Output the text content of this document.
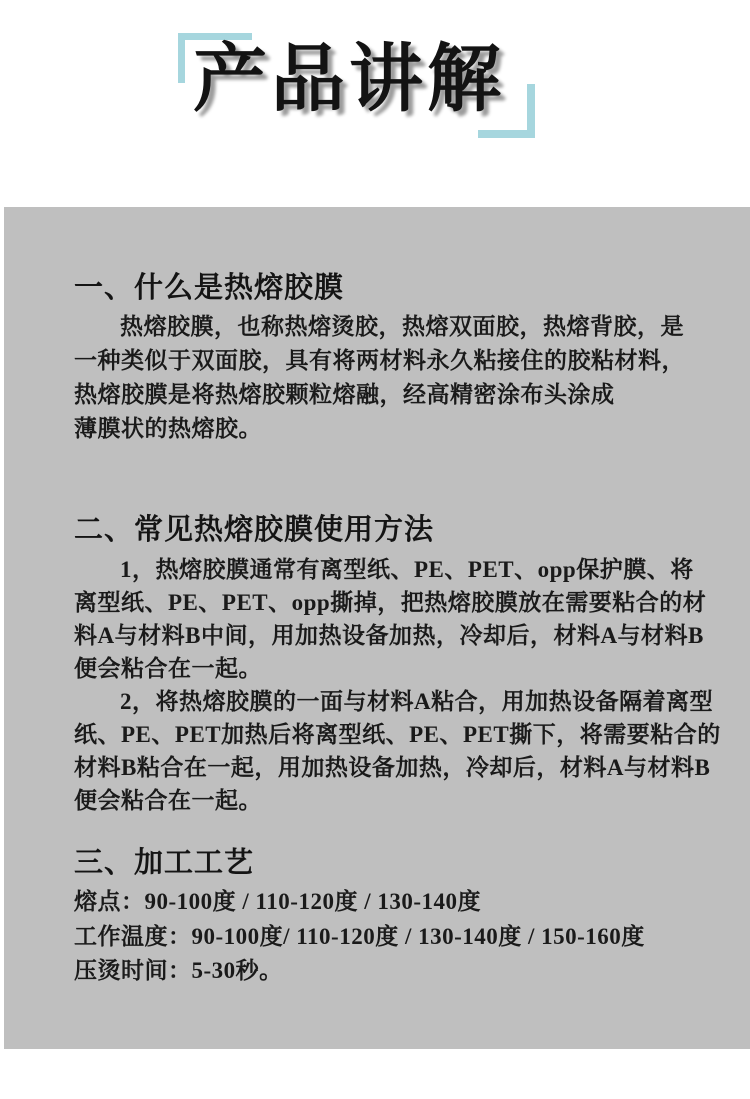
产品讲解
一、什么是热熔胶膜
热熔胶膜，也称热熔烫胶，热熔双面胶，热熔背胶，是
一种类似于双面胶，具有将两材料永久粘接住的胶粘材料，
热熔胶膜是将热熔胶颗粒熔融，经高精密涂布头涂成
薄膜状的热熔胶。
二、常见热熔胶膜使用方法
1，热熔胶膜通常有离型纸、PE、PET、opp保护膜、将
离型纸、PE、PET、opp撕掉，把热熔胶膜放在需要粘合的材
料A与材料B中间，用加热设备加热，冷却后，材料A与材料B
便会粘合在一起。
2，将热熔胶膜的一面与材料A粘合，用加热设备隔着离型
纸、PE、PET加热后将离型纸、PE、PET撕下，将需要粘合的
材料B粘合在一起，用加热设备加热，冷却后，材料A与材料B
便会粘合在一起。
三、加工工艺
熔点：90-100度 / 110-120度 / 130-140度
工作温度：90-100度/ 110-120度 / 130-140度 / 150-160度
压烫时间：5-30秒。
